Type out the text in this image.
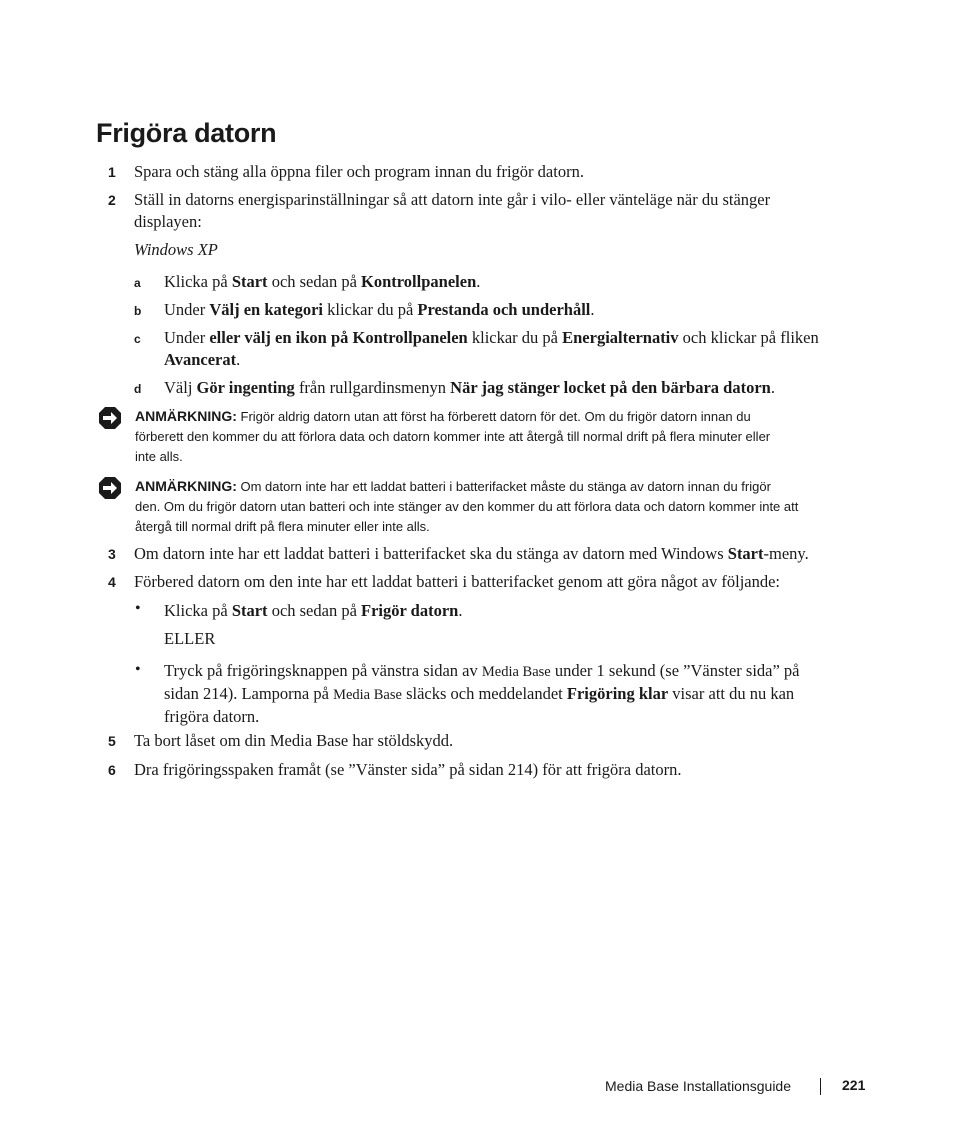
Frigöra datorn
1	Spara och stäng alla öppna filer och program innan du frigör datorn.
2	Ställ in datorns energisparinställningar så att datorn inte går i vilo- eller vänteläge när du stänger
displayen:
Windows XP
a Klicka på Start och sedan på Kontrollpanelen.
b Under Välj en kategori klickar du på Prestanda och underhåll.
c Under eller välj en ikon på Kontrollpanelen klickar du på Energialternativ och klickar på fliken
Avancerat.
d Välj Gör ingenting från rullgardinsmenyn När jag stänger locket på den bärbara datorn.
ANMÄRKNING: Frigör aldrig datorn utan att först ha förberett datorn för det. Om du frigör datorn innan du
förberett den kommer du att förlora data och datorn kommer inte att återgå till normal drift på flera minuter eller
inte alls.
ANMÄRKNING: Om datorn inte har ett laddat batteri i batterifacket måste du stänga av datorn innan du frigör
den. Om du frigör datorn utan batteri och inte stänger av den kommer du att förlora data och datorn kommer inte att
återgå till normal drift på flera minuter eller inte alls.
3	Om datorn inte har ett laddat batteri i batterifacket ska du stänga av datorn med Windows Start-meny.
4	Förbered datorn om den inte har ett laddat batteri i batterifacket genom att göra något av följande:
• Klicka på Start och sedan på Frigör datorn.
ELLER
• Tryck på frigöringsknappen på vänstra sidan av Media Base under 1 sekund (se ”Vänster sida” på
sidan 214). Lamporna på Media Base släcks och meddelandet Frigöring klar visar att du nu kan
frigöra datorn.
5	Ta bort låset om din Media Base har stöldskydd.
6	Dra frigöringsspaken framåt (se ”Vänster sida” på sidan 214) för att frigöra datorn.
Media Base Installationsguide	221
